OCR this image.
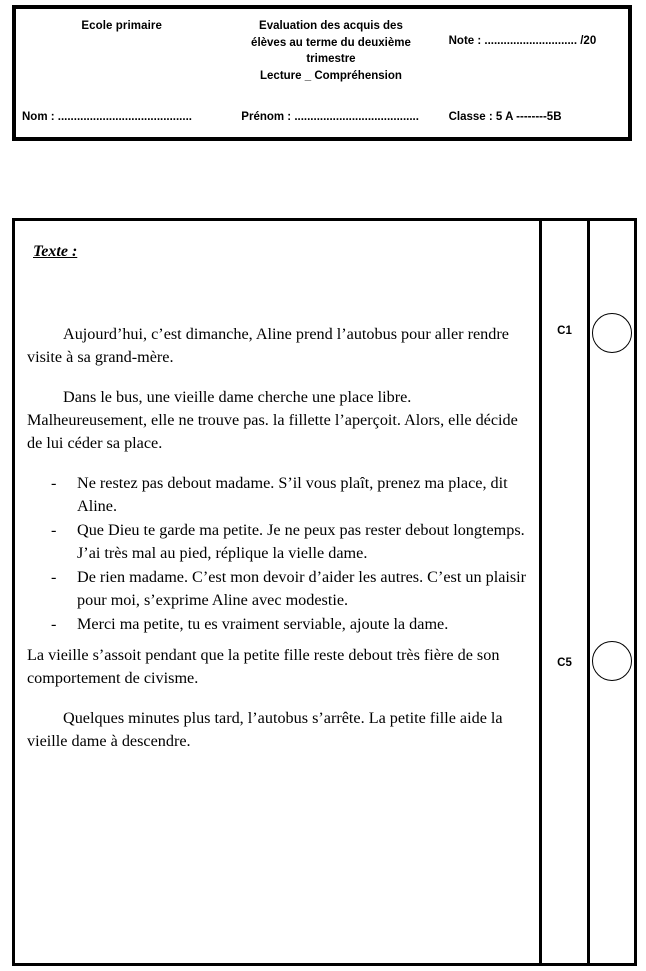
Ecole primaire	Evaluation des acquis des
élèves au terme du deuxième
trimestre
Lecture _ Compréhension
Note : ............................. /20
Nom : ..........................................	Prénom : .......................................	Classe : 5 A --------5B
Texte :

Aujourd’hui, c’est dimanche, Aline prend l’autobus pour aller rendre visite à sa grand-mère.

Dans le bus, une vieille dame cherche une place libre. Malheureusement, elle ne trouve pas. la fillette l’aperçoit. Alors, elle décide de lui céder sa place.

- Ne restez pas debout madame. S’il vous plaît, prenez ma place, dit Aline.
- Que Dieu te garde ma petite. Je ne peux pas rester debout longtemps. J’ai très mal au pied, réplique la vielle dame.
- De rien madame. C’est mon devoir d’aider les autres. C’est un plaisir pour moi, s’exprime Aline avec modestie.
- Merci ma petite, tu es vraiment serviable, ajoute la dame.

La vieille s’assoit pendant que la petite fille reste debout très fière de son comportement de civisme.

Quelques minutes plus tard, l’autobus s’arrête. La petite fille aide la vieille dame à descendre.

C1
C5
